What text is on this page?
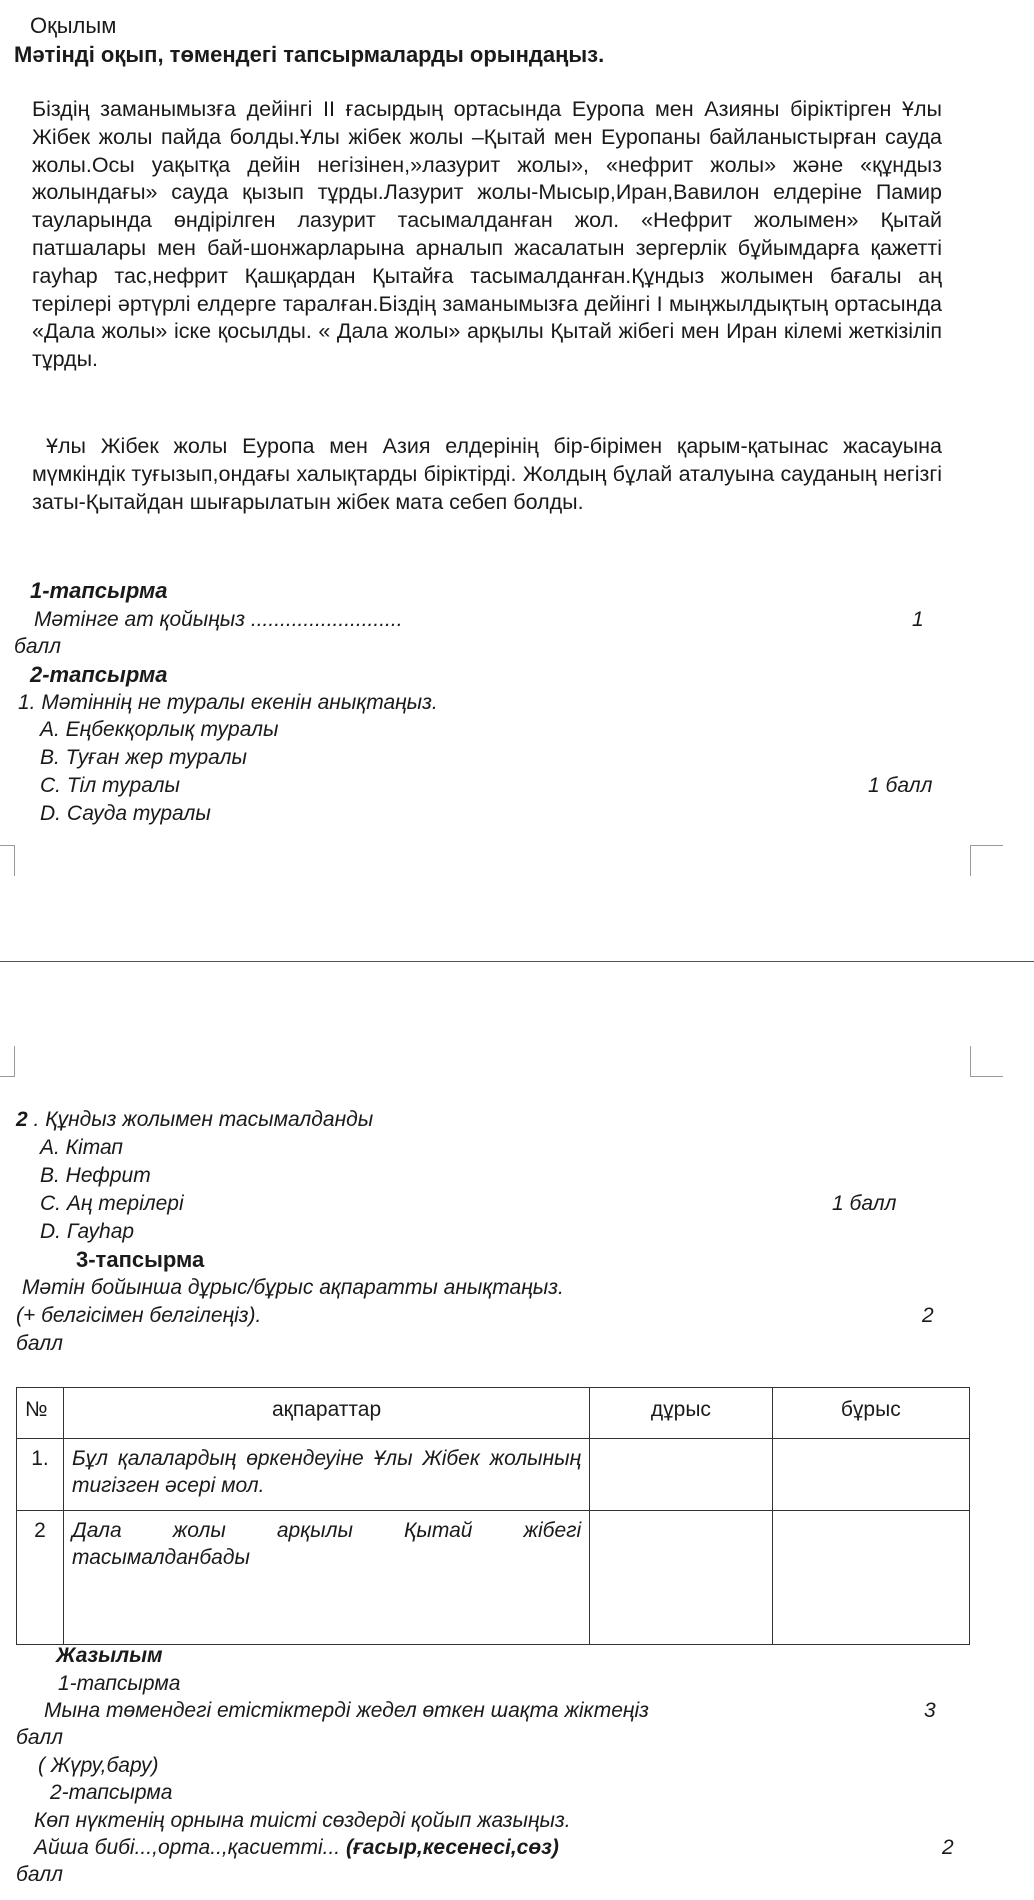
Оқылым
Мәтінді оқып, төмендегі тапсырмаларды орындаңыз.
Біздің заманымызға дейінгі ІІ ғасырдың ортасында Еуропа мен Азияны біріктірген Ұлы Жібек жолы пайда болды.Ұлы жібек жолы –Қытай мен Еуропаны байланыстырған сауда жолы.Осы уақытқа дейін негізінен,»лазурит жолы», «нефрит жолы» және «құндыз жолындағы» сауда қызып тұрды.Лазурит жолы-Мысыр,Иран,Вавилон елдеріне Памир тауларында өндірілген лазурит тасымалданған жол. «Нефрит жолымен» Қытай патшалары мен бай-шонжарларына арналып жасалатын зергерлік бұйымдарға қажетті гауһар тас,нефрит Қашқардан Қытайға тасымалданған.Құндыз жолымен бағалы аң терілері әртүрлі елдерге таралған.Біздің заманымызға дейінгі І мыңжылдықтың ортасында «Дала жолы» іске қосылды. « Дала жолы» арқылы Қытай жібегі мен Иран кілемі жеткізіліп тұрды.
Ұлы Жібек жолы Еуропа мен Азия елдерінің бір-бірімен қарым-қатынас жасауына мүмкіндік туғызып,ондағы халықтарды біріктірді. Жолдың бұлай аталуына сауданың негізгі заты-Қытайдан шығарылатын жібек мата себеп болды.
1-тапсырма
Мәтінге ат қойыңыз ..........................	1
балл
2-тапсырма
1. Мәтіннің не туралы екенін анықтаңыз.
А. Еңбекқорлық туралы
В. Туған жер туралы
С. Тіл туралы	1 балл
D. Сауда туралы
2 . Құндыз жолымен тасымалданды
А. Кітап
В. Нефрит
С. Аң терілері	1 балл
D. Гауһар
3-тапсырма
Мәтін бойынша дұрыс/бұрыс ақпаратты анықтаңыз.
(+ белгісімен белгілеңіз).	2
балл
№	ақпараттар	дұрыс	бұрыс
1.	Бұл қалалардың өркендеуіне Ұлы Жібек жолының тигізген әсері мол.		
2	Дала жолы арқылы Қытай жібегі тасымалданбады		
Жазылым
1-тапсырма
Мына төмендегі етістіктерді жедел өткен шақта жіктеңіз	3
балл
( Жүру,бару)
2-тапсырма
Көп нүктенің орнына тиісті сөздерді қойып жазыңыз.
Айша бибі...,орта..,қасиетті... (ғасыр,кесенесі,сөз)	2
балл
